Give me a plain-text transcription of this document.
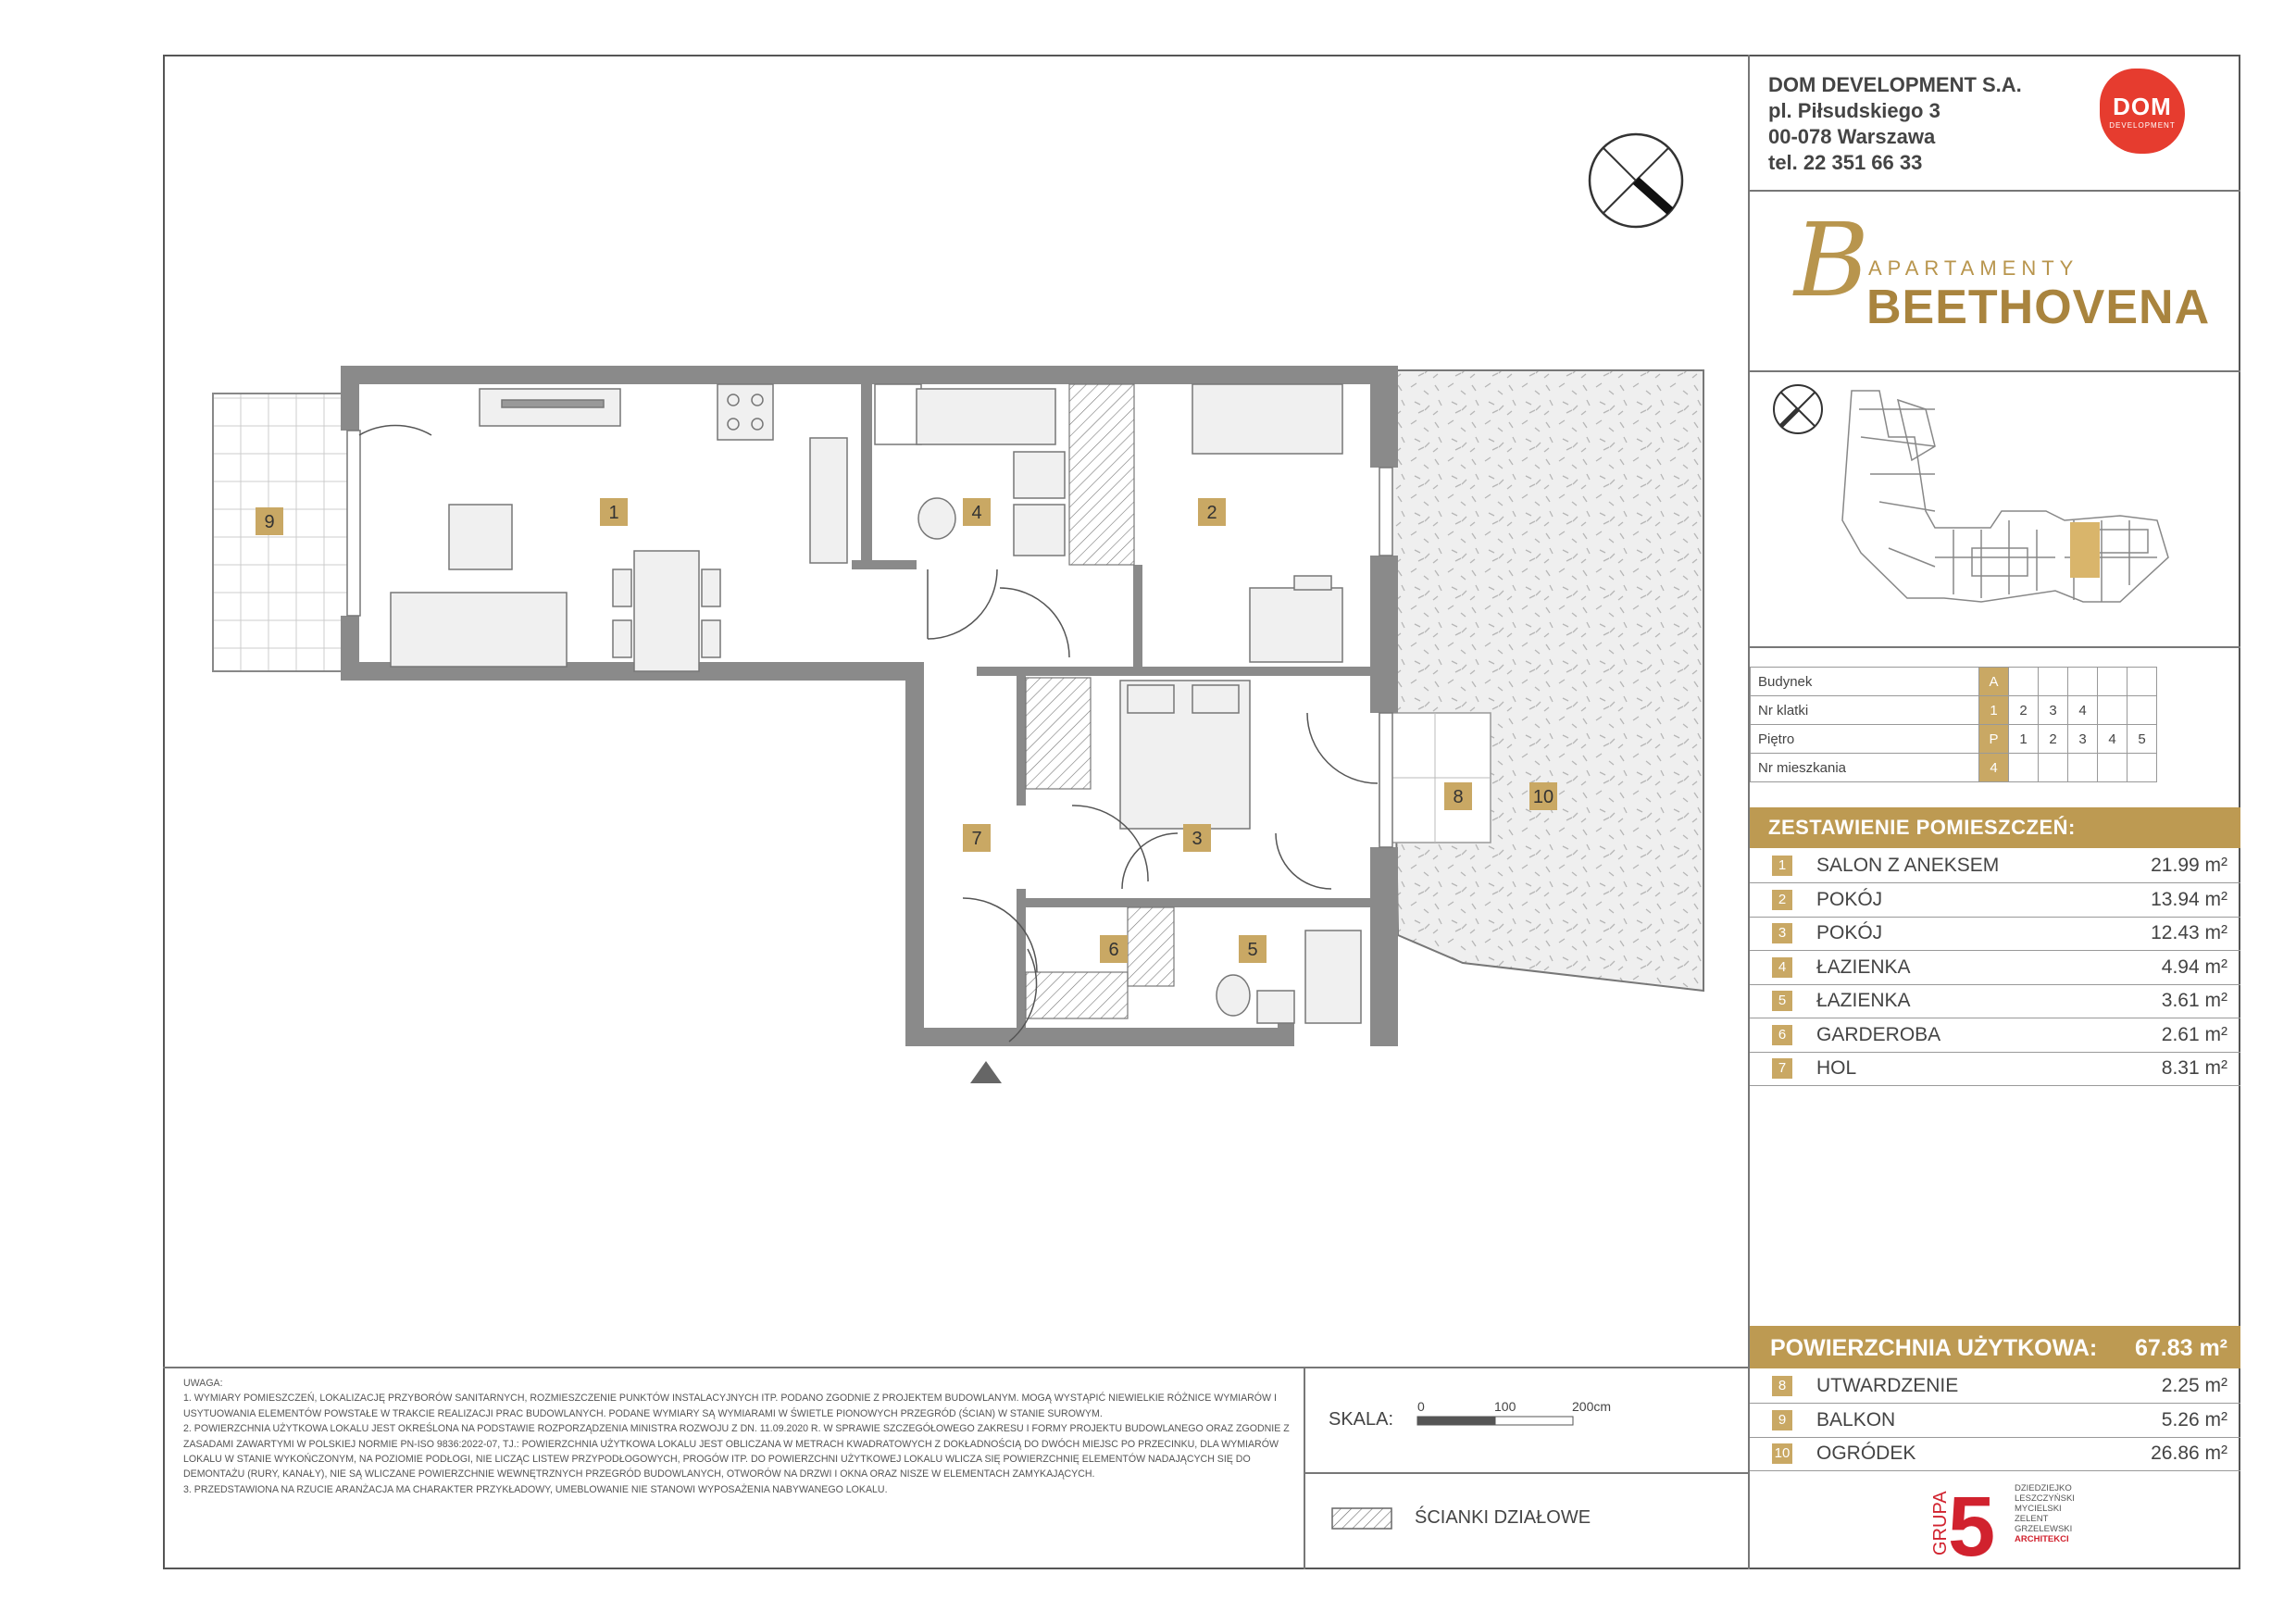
DOM DEVELOPMENT S.A.
pl. Piłsudskiego 3
00-078 Warszawa
tel. 22 351 66 33
DOM
DEVELOPMENT
B APARTAMENTY
BEETHOVENA
Budynek	A					
Nr klatki	1	2	3	4		
Piętro	P	1	2	3	4	5
Nr mieszkania	4					
ZESTAWIENIE POMIESZCZEŃ:
1	SALON Z ANEKSEM	21.99 m²
2	POKÓJ	13.94 m²
3	POKÓJ	12.43 m²
4	ŁAZIENKA	4.94 m²
5	ŁAZIENKA	3.61 m²
6	GARDEROBA	2.61 m²
7	HOL	8.31 m²
POWIERZCHNIA UŻYTKOWA: 67.83 m²
8	UTWARDZENIE	2.25 m²
9	BALKON	5.26 m²
10 OGRÓDEK	26.86 m²
GRUPA
5 DZIEDZIEJKO
LESZCZYŃSKI
MYCIELSKI
ZELENT
GRZELEWSKI
ARCHITEKCI
UWAGA:
1. WYMIARY POMIESZCZEŃ, LOKALIZACJĘ PRZYBORÓW SANITARNYCH, ROZMIESZCZENIE PUNKTÓW INSTALACYJNYCH ITP. PODANO ZGODNIE Z PROJEKTEM BUDOWLANYM. MOGĄ WYSTĄPIĆ NIEWIELKIE RÓŻNICE WYMIARÓW I USYTUOWANIA ELEMENTÓW POWSTAŁE W TRAKCIE REALIZACJI PRAC BUDOWLANYCH. PODANE WYMIARY SĄ WYMIARAMI W ŚWIETLE PIONOWYCH PRZEGRÓD (ŚCIAN) W STANIE SUROWYM.
2. POWIERZCHNIA UŻYTKOWA LOKALU JEST OKREŚLONA NA PODSTAWIE ROZPORZĄDZENIA MINISTRA ROZWOJU Z DN. 11.09.2020 R. W SPRAWIE SZCZEGÓŁOWEGO ZAKRESU I FORMY PROJEKTU BUDOWLANEGO ORAZ ZGODNIE Z ZASADAMI ZAWARTYMI W POLSKIEJ NORMIE PN-ISO 9836:2022-07, TJ.: POWIERZCHNIA UŻYTKOWA LOKALU JEST OBLICZANA W METRACH KWADRATOWYCH Z DOKŁADNOŚCIĄ DO DWÓCH MIEJSC PO PRZECINKU, DLA WYMIARÓW LOKALU W STANIE WYKOŃCZONYM, NA POZIOMIE PODŁOGI, NIE LICZĄC LISTEW PRZYPODŁOGOWYCH, PROGÓW ITP. DO POWIERZCHNI UŻYTKOWEJ LOKALU WLICZA SIĘ POWIERZCHNIĘ ELEMENTÓW NADAJĄCYCH SIĘ DO DEMONTAŻU (RURY, KANAŁY), NIE SĄ WLICZANE POWIERZCHNIE WEWNĘTRZNYCH PRZEGRÓD BUDOWLANYCH, OTWORÓW NA DRZWI I OKNA ORAZ NISZE W ELEMENTACH ZAMYKAJĄCYCH.
3. PRZEDSTAWIONA NA RZUCIE ARANŻACJA MA CHARAKTER PRZYKŁADOWY, UMEBLOWANIE NIE STANOWI WYPOSAŻENIA NABYWANEGO LOKALU.
SKALA:
0	100	200cm
ŚCIANKI DZIAŁOWE
1	2
3
4
5
6
7
8
9
10
